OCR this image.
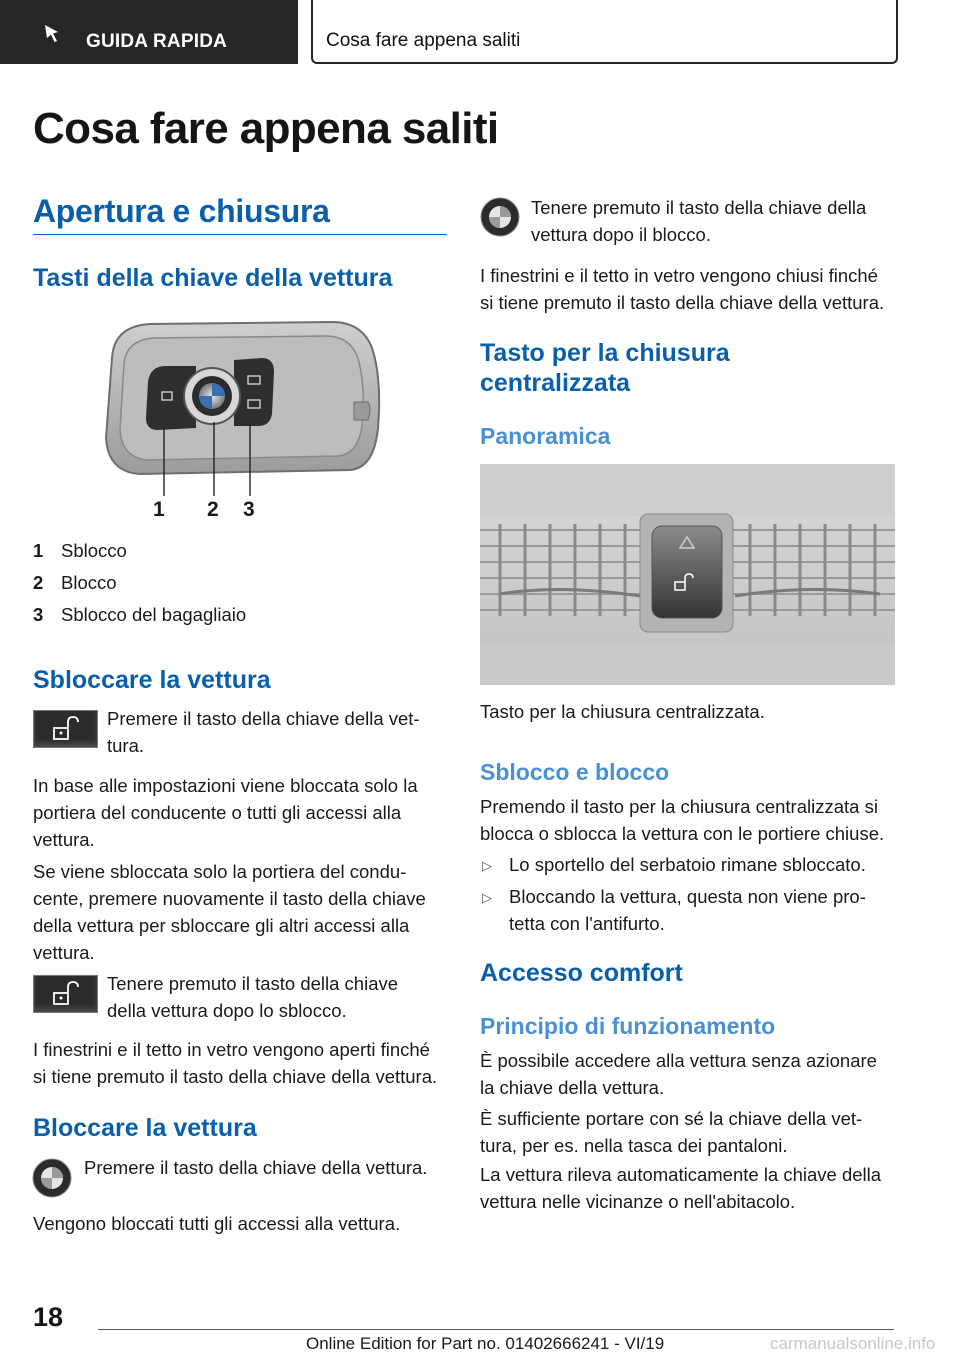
GUIDA RAPIDA	Cosa fare appena saliti
Cosa fare appena saliti
Apertura e chiusura
Tasti della chiave della vettura
1 2 3
1 Sblocco
2 Blocco
3 Sblocco del bagagliaio
Sbloccare la vettura
Premere il tasto della chiave della vet-
tura.
In base alle impostazioni viene bloccata solo la
portiera del conducente o tutti gli accessi alla
vettura.
Se viene sbloccata solo la portiera del condu-
cente, premere nuovamente il tasto della chiave
della vettura per sbloccare gli altri accessi alla
vettura.
Tenere premuto il tasto della chiave
della vettura dopo lo sblocco.
I finestrini e il tetto in vetro vengono aperti finché
si tiene premuto il tasto della chiave della vettura.
Bloccare la vettura
Premere il tasto della chiave della vettura.
Vengono bloccati tutti gli accessi alla vettura.
Tenere premuto il tasto della chiave della
vettura dopo il blocco.
I finestrini e il tetto in vetro vengono chiusi finché
si tiene premuto il tasto della chiave della vettura.
Tasto per la chiusura
centralizzata
Panoramica
Tasto per la chiusura centralizzata.
Sblocco e blocco
Premendo il tasto per la chiusura centralizzata si
blocca o sblocca la vettura con le portiere chiuse.
▷ Lo sportello del serbatoio rimane sbloccato.
▷ Bloccando la vettura, questa non viene pro-
tetta con l'antifurto.
Accesso comfort
Principio di funzionamento
È possibile accedere alla vettura senza azionare
la chiave della vettura.
È sufficiente portare con sé la chiave della vet-
tura, per es. nella tasca dei pantaloni.
La vettura rileva automaticamente la chiave della
vettura nelle vicinanze o nell'abitacolo.
18
Online Edition for Part no. 01402666241 - VI/19	carmanualsonline.info
